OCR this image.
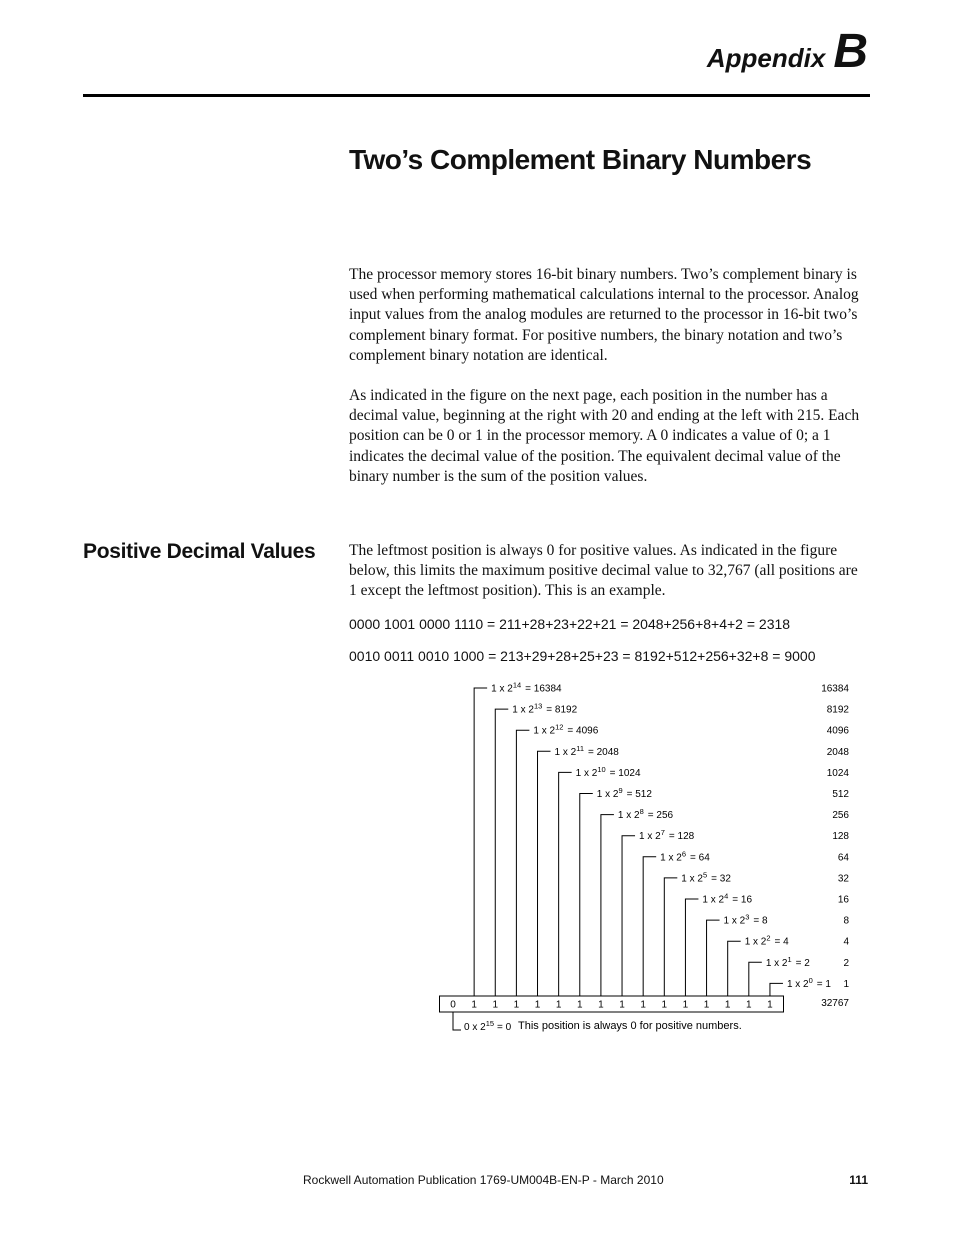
Appendix B
Two’s Complement Binary Numbers

The processor memory stores 16-bit binary numbers. Two’s complement binary is used when performing mathematical calculations internal to the processor. Analog input values from the analog modules are returned to the processor in 16-bit two’s complement binary format. For positive numbers, the binary notation and two’s complement binary notation are identical.

As indicated in the figure on the next page, each position in the number has a decimal value, beginning at the right with 20 and ending at the left with 215. Each position can be 0 or 1 in the processor memory. A 0 indicates a value of 0; a 1 indicates the decimal value of the position. The equivalent decimal value of the binary number is the sum of the position values.

Positive Decimal Values The leftmost position is always 0 for positive values. As indicated in the figure below, this limits the maximum positive decimal value to 32,767 (all positions are 1 except the leftmost position). This is an example.

0000 1001 0000 1110 = 211+28+23+22+21 = 2048+256+8+4+2 = 2318

0010 0011 0010 1000 = 213+29+28+25+23 = 8192+512+256+32+8 = 9000

0 1 1 1 1 1 1 1 1 1 1 1 1 1 1 1
1 x $2^{14} = 16384$
1 x $2^{13} = 8192$
1 x $2^{12} = 4096$
1 x $2^{11} = 2048$
1 x $2^{10} = 1024$
1 x $2^9 = 512$
1 x $2^8 = 256$
1 x $2^7 = 128$
1 x $2^6 = 64$
1 x $2^5 = 32$
1 x $2^4 = 16$
1 x $2^3 = 8$
1 x $2^2 = 4$
1 x $2^1 = 2$
1 x $2^0 = 1$
16384
8192
4096
2048
1024
512
256
128
64
32
16
8
4
2
1
32767
0 x $2^{15} = 0$ This position is always 0 for positive numbers.
Rockwell Automation Publication 1769-UM004B-EN-P - March 2010	111
